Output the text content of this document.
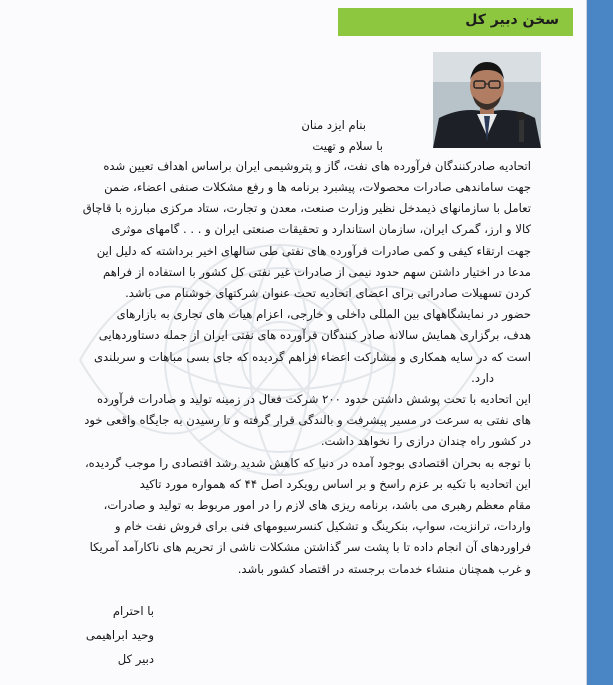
سخن دبیر کل
بنام ایزد منان
با سلام و تهیت
اتحادیه صادرکنندگان فرآورده های نفت، گاز و پتروشیمی ایران براساس اهداف تعیین شده
جهت ساماندهی صادرات محصولات، پیشبرد برنامه ها و رفع مشکلات صنفی اعضاء، ضمن
تعامل با سازمانهای ذیمدخل نظیر وزارت صنعت، معدن و تجارت، ستاد مرکزی مبارزه با قاچاق
کالا و ارز، گمرک ایران، سازمان استاندارد و تحقیقات صنعتی ایران و . . . گامهای موثری
جهت ارتقاء کیفی و کمی صادرات فرآورده های نفتی طی سالهای اخیر برداشته که دلیل این
مدعا در اختیار داشتن سهم حدود نیمی از صادرات غیر نفتی کل کشور با استفاده از فراهم
کردن تسهیلات صادراتی برای اعضای اتحادیه تحت عنوان شرکتهای خوشنام می باشد.
حضور در نمایشگاههای بین المللی داخلی و خارجی، اعزام هیات های تجاری به بازارهای
هدف، برگزاری همایش سالانه صادر کنندگان فرآورده های نفتی ایران از جمله دستاوردهایی
است که در سایه همکاری و مشارکت اعضاء فراهم گردیده که جای بسی مباهات و سربلندی
دارد.
این اتحادیه با تحت پوشش داشتن حدود ۲۰۰ شرکت فعال در زمینه تولید و صادرات فرآورده
های نفتی به سرعت در مسیر پیشرفت و بالندگی قرار گرفته و تا رسیدن به جایگاه واقعی خود
در کشور راه چندان درازی را نخواهد داشت.
با توجه به بحران اقتصادی بوجود آمده در دنیا که کاهش شدید رشد اقتصادی را موجب گردیده،
این اتحادیه با تکیه بر عزم راسخ و بر اساس رویکرد اصل ۴۴ که همواره مورد تاکید
مقام معظم رهبری می باشد، برنامه ریزی های لازم را در امور مربوط به تولید و صادرات،
واردات، ترانزیت، سواپ، بنکرینگ و تشکیل کنسرسیومهای فنی برای فروش نفت خام و
فراوردهای آن انجام داده تا با پشت سر گذاشتن مشکلات ناشی از تحریم های ناکارآمد آمریکا
و غرب همچنان منشاء خدمات برجسته در اقتصاد کشور باشد.
با احترام
وحید ابراهیمی
دبیر کل
